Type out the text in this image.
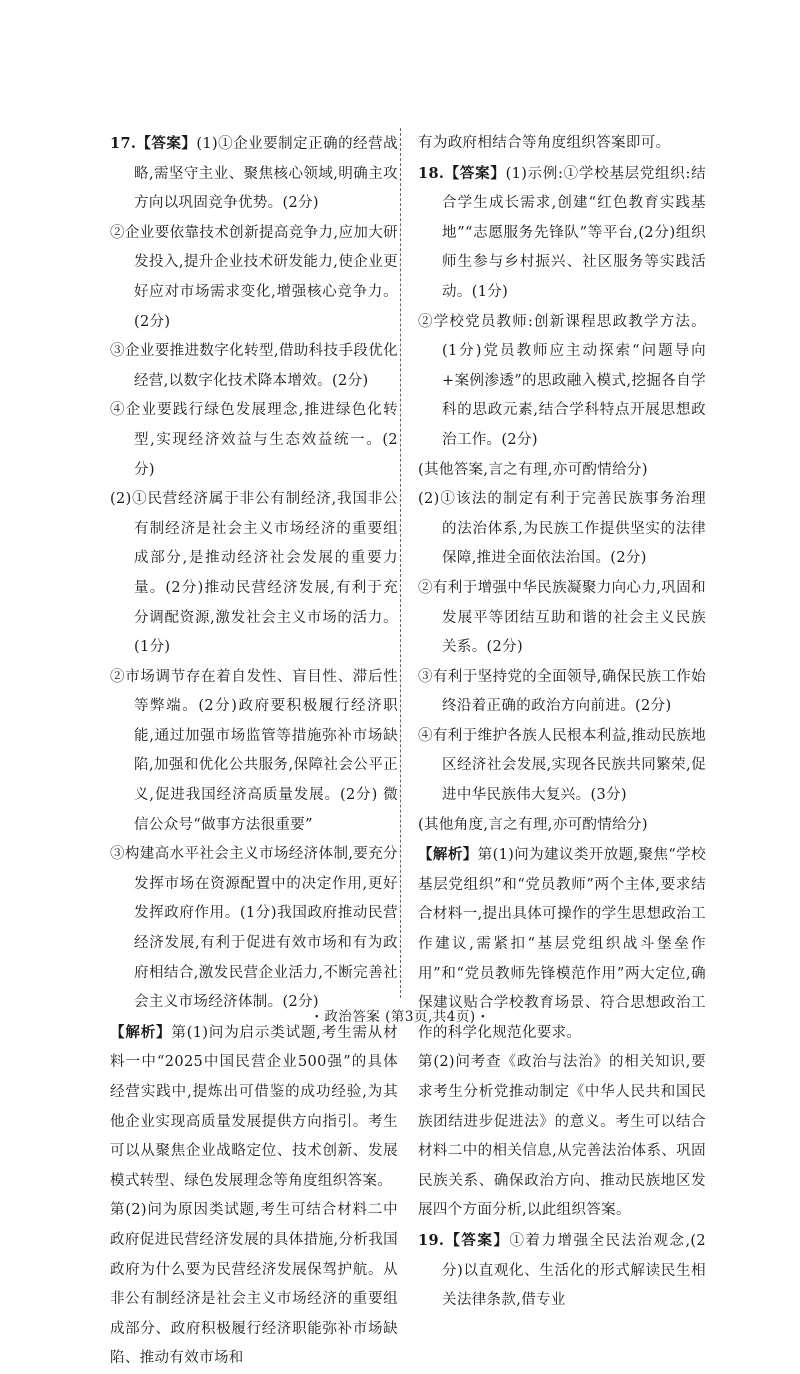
17.【答案】(1)①企业要制定正确的经营战略,需坚守主业、聚焦核心领域,明确主攻方向以巩固竞争优势。(2分)

②企业要依靠技术创新提高竞争力,应加大研发投入,提升企业技术研发能力,使企业更好应对市场需求变化,增强核心竞争力。(2分)

③企业要推进数字化转型,借助科技手段优化经营,以数字化技术降本增效。(2分)

④企业要践行绿色发展理念,推进绿色化转型,实现经济效益与生态效益统一。(2分)

(2)①民营经济属于非公有制经济,我国非公有制经济是社会主义市场经济的重要组成部分,是推动经济社会发展的重要力量。(2分)推动民营经济发展,有利于充分调配资源,激发社会主义市场的活力。(1分)

②市场调节存在着自发性、盲目性、滞后性等弊端。(2分)政府要积极履行经济职能,通过加强市场监管等措施弥补市场缺陷,加强和优化公共服务,保障社会公平正义,促进我国经济高质量发展。(2分) 微信公众号“做事方法很重要”

③构建高水平社会主义市场经济体制,要充分发挥市场在资源配置中的决定作用,更好发挥政府作用。(1分)我国政府推动民营经济发展,有利于促进有效市场和有为政府相结合,激发民营企业活力,不断完善社会主义市场经济体制。(2分)

【解析】第(1)问为启示类试题,考生需从材料一中“2025中国民营企业500强”的具体经营实践中,提炼出可借鉴的成功经验,为其他企业实现高质量发展提供方向指引。考生可以从聚焦企业战略定位、技术创新、发展模式转型、绿色发展理念等角度组织答案。

第(2)问为原因类试题,考生可结合材料二中政府促进民营经济发展的具体措施,分析我国政府为什么要为民营经济发展保驾护航。从非公有制经济是社会主义市场经济的重要组成部分、政府积极履行经济职能弥补市场缺陷、推动有效市场和

有为政府相结合等角度组织答案即可。

18.【答案】(1)示例:①学校基层党组织:结合学生成长需求,创建“红色教育实践基地”“志愿服务先锋队”等平台,(2分)组织师生参与乡村振兴、社区服务等实践活动。(1分)

②学校党员教师:创新课程思政教学方法。(1分)党员教师应主动探索“问题导向+案例渗透”的思政融入模式,挖掘各自学科的思政元素,结合学科特点开展思想政治工作。(2分)

(其他答案,言之有理,亦可酌情给分)

(2)①该法的制定有利于完善民族事务治理的法治体系,为民族工作提供坚实的法律保障,推进全面依法治国。(2分)

②有利于增强中华民族凝聚力向心力,巩固和发展平等团结互助和谐的社会主义民族关系。(2分)

③有利于坚持党的全面领导,确保民族工作始终沿着正确的政治方向前进。(2分)

④有利于维护各族人民根本利益,推动民族地区经济社会发展,实现各民族共同繁荣,促进中华民族伟大复兴。(3分)

(其他角度,言之有理,亦可酌情给分)

【解析】第(1)问为建议类开放题,聚焦“学校基层党组织”和“党员教师”两个主体,要求结合材料一,提出具体可操作的学生思想政治工作建议,需紧扣“基层党组织战斗堡垒作用”和“党员教师先锋模范作用”两大定位,确保建议贴合学校教育场景、符合思想政治工作的科学化规范化要求。

第(2)问考查《政治与法治》的相关知识,要求考生分析党推动制定《中华人民共和国民族团结进步促进法》的意义。考生可以结合材料二中的相关信息,从完善法治体系、巩固民族关系、确保政治方向、推动民族地区发展四个方面分析,以此组织答案。

19.【答案】①着力增强全民法治观念,(2分)以直观化、生活化的形式解读民生相关法律条款,借专业

· 政治答案 (第3页,共4页) ·
